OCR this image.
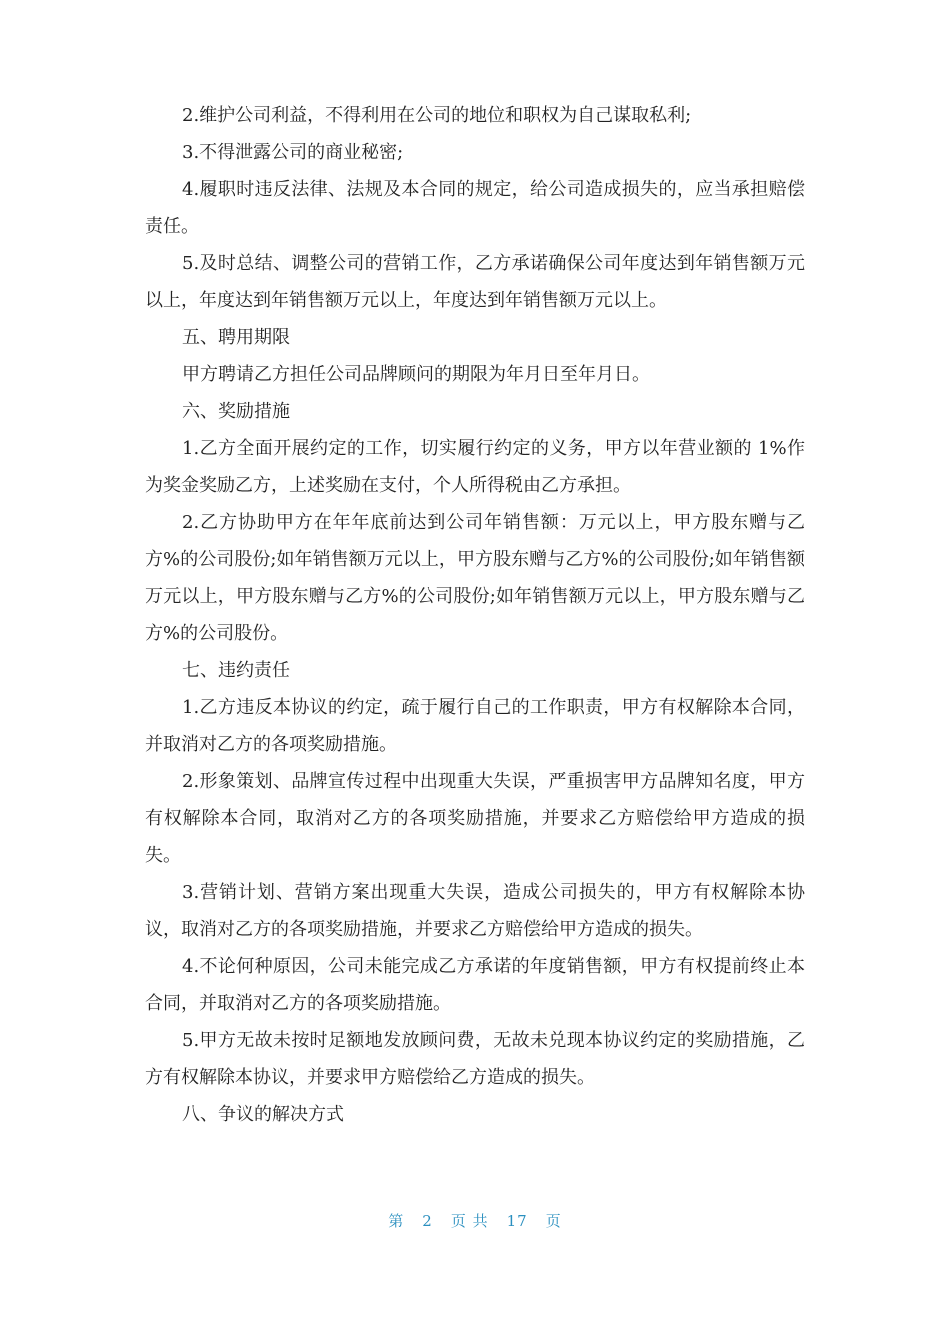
2.维护公司利益，不得利用在公司的地位和职权为自己谋取私利;

3.不得泄露公司的商业秘密;

4.履职时违反法律、法规及本合同的规定，给公司造成损失的，应当承担赔偿责任。

5.及时总结、调整公司的营销工作，乙方承诺确保公司年度达到年销售额万元以上，年度达到年销售额万元以上，年度达到年销售额万元以上。

五、聘用期限

甲方聘请乙方担任公司品牌顾问的期限为年月日至年月日。

六、奖励措施

1.乙方全面开展约定的工作，切实履行约定的义务，甲方以年营业额的 1%作为奖金奖励乙方，上述奖励在支付，个人所得税由乙方承担。

2.乙方协助甲方在年年底前达到公司年销售额：万元以上，甲方股东赠与乙方%的公司股份;如年销售额万元以上，甲方股东赠与乙方%的公司股份;如年销售额万元以上，甲方股东赠与乙方%的公司股份;如年销售额万元以上，甲方股东赠与乙方%的公司股份。

七、违约责任

1.乙方违反本协议的约定，疏于履行自己的工作职责，甲方有权解除本合同，并取消对乙方的各项奖励措施。

2.形象策划、品牌宣传过程中出现重大失误，严重损害甲方品牌知名度，甲方有权解除本合同，取消对乙方的各项奖励措施，并要求乙方赔偿给甲方造成的损失。

3.营销计划、营销方案出现重大失误，造成公司损失的，甲方有权解除本协议，取消对乙方的各项奖励措施，并要求乙方赔偿给甲方造成的损失。

4.不论何种原因，公司未能完成乙方承诺的年度销售额，甲方有权提前终止本合同，并取消对乙方的各项奖励措施。

5.甲方无故未按时足额地发放顾问费，无故未兑现本协议约定的奖励措施，乙方有权解除本协议，并要求甲方赔偿给乙方造成的损失。

八、争议的解决方式

第 2 页 共 17 页
